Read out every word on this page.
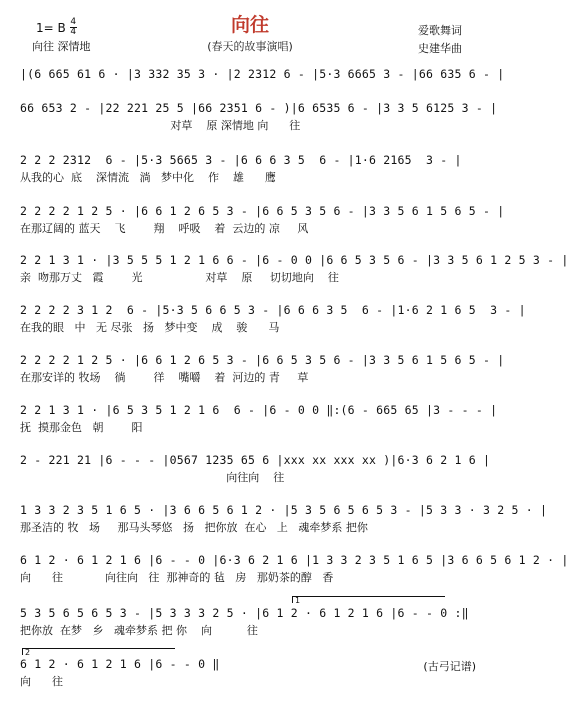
1= B $\frac{4}{4}$	向往
(春天的故事演唱)
向往 深情地
爱歌舞词
史建华曲
|(6 665 61 6 · |3 332 35 3 · |2 2312 6 - |5·3 6665 3 - |66 635 6 - |
66 653 2 - |22 221 25 5 |66 2351 6 - )|6 6535 6 - |3 3 5 6125 3 - |
对草    原 深情地 向      往
2 2 2 2312  6 - |5·3 5665 3 - |6 6 6 3 5  6 - |1·6 2165  3 - |
从我的心  底    深情流   淌   梦中化    作    雄      鹰
2 2 2 2 1 2 5 · |6 6 1 2 6 5 3 - |6 6 5 3 5 6 - |3 3 5 6 1 5 6 5 - |
在那辽阔的 蓝天    飞        翔    呼吸    着  云边的 凉     风
2 2 1 3 1 · |3 5 5 5 1 2 1 6 6 - |6 - 0 0 |6 6 5 3 5 6 - |3 3 5 6 1 2 5 3 - |
亲  吻那万丈   霞        光                  对草    原     切切地向    往
2 2 2 2 3 1 2  6 - |5·3 5 6 6 5 3 - |6 6 6 3 5  6 - |1·6 2 1 6 5  3 - |
在我的眼   中   无 尽张   扬   梦中变    成    骏      马
2 2 2 2 1 2 5 · |6 6 1 2 6 5 3 - |6 6 5 3 5 6 - |3 3 5 6 1 5 6 5 - |
在那安详的 牧场    徜        徉    嘴嚼    着  河边的 青     草
2 2 1 3 1 · |6 5 3 5 1 2 1 6  6 - |6 - 0 0 ‖:(6 - 665 65 |3 - - - |
抚  摸那金色   朝        阳
2 - 221 21 |6 - - - |0567 1235 65 6 |xxx xx xxx xx )|6·3 6 2 1 6 |
向往向    往
1 3 3 2 3 5 1 6 5 · |3 6 6 5 6 1 2 · |5 3 5 6 5 6 5 3 - |5 3 3 · 3 2 5 · |
那圣洁的 牧   场     那马头琴悠   扬   把你放  在心   上   魂牵梦系 把你
6 1 2 · 6 1 2 1 6 |6 - - 0 |6·3 6 2 1 6 |1 3 3 2 3 5 1 6 5 |3 6 6 5 6 1 2 · |
向      往            向往向   往  那神奇的 毡   房   那奶茶的醇   香
1
5 3 5 6 5 6 5 3 - |5 3 3 3 2 5 · |6 1 2 · 6 1 2 1 6 |6 - - 0 :‖
把你放  在梦   乡   魂牵梦系 把 你    向          往
2
6 1 2 · 6 1 2 1 6 |6 - - 0 ‖
向      往
(古弓记谱)
